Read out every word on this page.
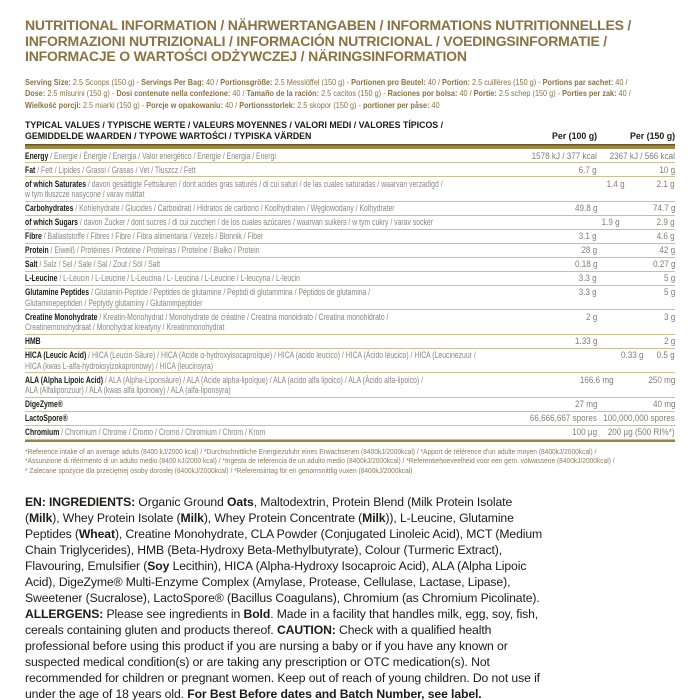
NUTRITIONAL INFORMATION / NÄHRWERTANGABEN / INFORMATIONS NUTRITIONNELLES /
INFORMAZIONI NUTRIZIONALI / INFORMACIÓN NUTRICIONAL / VOEDINGSINFORMATIE /
INFORMACJE O WARTOŚCI ODŻYWCZEJ / NÄRINGSINFORMATION
Serving Size: 2.5 Scoops (150 g) - Servings Per Bag: 40 / Portionsgröße: 2.5 Messlöffel (150 g) - Portionen pro Beutel: 40 / Portion: 2.5 cuillères (150 g) - Portions par sachet: 40 /
Dose: 2.5 misurini (150 g) - Dosi contenute nella confezione: 40 / Tamaño de la ración: 2.5 cacitos (150 g) - Raciones por bolsa: 40 / Portie: 2.5 schep (150 g) - Porties per zak: 40 /
Wielkość porcji: 2.5 miarki (150 g) - Porcje w opakowaniu: 40 / Portionsstorlek: 2.5 skopor (150 g) - portioner per påse: 40
TYPICAL VALUES / TYPISCHE WERTE / VALEURS MOYENNES / VALORI MEDI / VALORES TÍPICOS /
GEMIDDELDE WAARDEN / TYPOWE WARTOŚCI / TYPISKA VÄRDEN	Per (100 g)	Per (150 g)
Energy / Energie / Énergie / Energia / Valor energético / Energie / Energia / Energi	1578 kJ / 377 kcal	2367 kJ / 566 kcal
Fat / Fett / Lipides / Grassi / Grasas / Vet / Tłuszcz / Fett	6.7 g	10 g
of which Saturates / davon gesättigte Fettsäuren / dont acides gras saturés / di cui saturi / de las cuales saturadas / waarvan verzadigd /
w tym tłuszcze nasycone / varav mättat
1.4 g	2.1 g
Carbohydrates / Kohlehydrate / Glucides / Carboidrati / Hidratos de carbono / Koolhydraten / Węglowodany / Kolhydrater	49.8 g	74.7 g
of which Sugars / davon Zucker / dont sucres / di cui zuccheri / de los cuales azúcares / waarvan suikers / w tym cukry / varav socker	1.9 g	2.9 g
Fibre / Ballaststoffe / Fibres / Fibre / Fibra alimentaria / Vezels / Błonnik / Fiber	3.1 g	4.6 g
Protein / Eiweiß / Protéines / Proteine / Proteínas / Proteïne / Białko / Protein	28 g	42 g
Salt / Salz / Sel / Sale / Sal / Zout / Sól / Salt	0.18 g	0.27 g
L-Leucine / L-Leucin / L-Leucine / L-Leucina / L- Leucina / L-Leucine / L-leucyna / L-leucin	3.3 g	5 g
Glutamine Peptides / Glutamin-Peptide / Peptides de glutamine / Peptidi di glutammina / Péptidos de glutamina /
Glutaminepeptiden / Peptydy glutaminy / Glutaminpeptider
3.3 g	5 g
Creatine Monohydrate / Kreatin-Monohydrat / Monohydrate de créatine / Creatina monoidrato / Creatina monohidrato /
Creatinemonohydraat / Monohydrat kreatyny / Kreatinmonohydrat
2 g	3 g
HMB	1.33 g	2 g
HICA (Leucic Acid) / HICA (Leucin-Säure) / HICA (Acide α-hydroxyisocaproïque) / HICA (acido leucico) / HICA (Ácido léucico) / HICA (Leucinezuur /
HICA (kwas L-alfa-hydroksyizokapronowy) / HICA (leucinsyra)
0.33 g	0.5 g
ALA (Alpha Lipoic Acid) / ALA (Alpha-Liponsäure) / ALA (Acide alpha-lipoïque) / ALA (acido alfa lipoico) / ALA (Ácido alfa-lipoico) /
ALA (Alfaliponzuur) / ALA (kwas alfa liponowy) / ALA (alfa-liponsyra)
166.6 mg	250 mg
DigeZyme®	27 mg	40 mg
LactoSpore®	66,666,667 spores 100,000,000 spores
Chromium / Chromium / Chrome / Cromo / Cromo / Chromium / Chrom / Krom	100 µg	200 µg (500 RI%*)
*Reference intake of an average adults (8400 kJ/2000 kcal) / *Durchschnittliche Energiezufuhr eines Erwachsenen (8400kJ/2000kcal) / *Apport de référence d'un adulte moyen (8400kJ/2000kcal) /
*Assunzione di riferimento di un adulto medio (8400 kJ/2000 kcal) / *Ingesta de referencia de un adulto medio (8400kJ/2000kcal) / *Referentiehoeveelheid voor een gem. volwassene (8400kJ/2000kcal) /
* Zalecane spożycie dla przeciętnej osoby dorosłej (8400kJ/2000kcal) / *Referensintag för en genomsnittlig vuxen (8400kJ/2000kcal)
EN: INGREDIENTS: Organic Ground Oats, Maltodextrin, Protein Blend (Milk Protein Isolate (Milk), Whey Protein Isolate (Milk), Whey Protein Concentrate (Milk)), L-Leucine, Glutamine Peptides (Wheat), Creatine Monohydrate, CLA Powder (Conjugated Linoleic Acid), MCT (Medium Chain Triglycerides), HMB (Beta-Hydroxy Beta-Methylbutyrate), Colour (Turmeric Extract), Flavouring, Emulsifier (Soy Lecithin), HICA (Alpha-Hydroxy Isocaproic Acid), ALA (Alpha Lipoic Acid), DigeZyme® Multi-Enzyme Complex (Amylase, Protease, Cellulase, Lactase, Lipase), Sweetener (Sucralose), LactoSpore® (Bacillus Coagulans), Chromium (as Chromium Picolinate).
ALLERGENS: Please see ingredients in Bold. Made in a facility that handles milk, egg, soy, fish, cereals containing gluten and products thereof. CAUTION: Check with a qualified health professional before using this product if you are nursing a baby or if you have any known or suspected medical condition(s) or are taking any prescription or OTC medication(s). Not recommended for children or pregnant women. Keep out of reach of young children. Do not use if under the age of 18 years old. For Best Before dates and Batch Number, see label.
